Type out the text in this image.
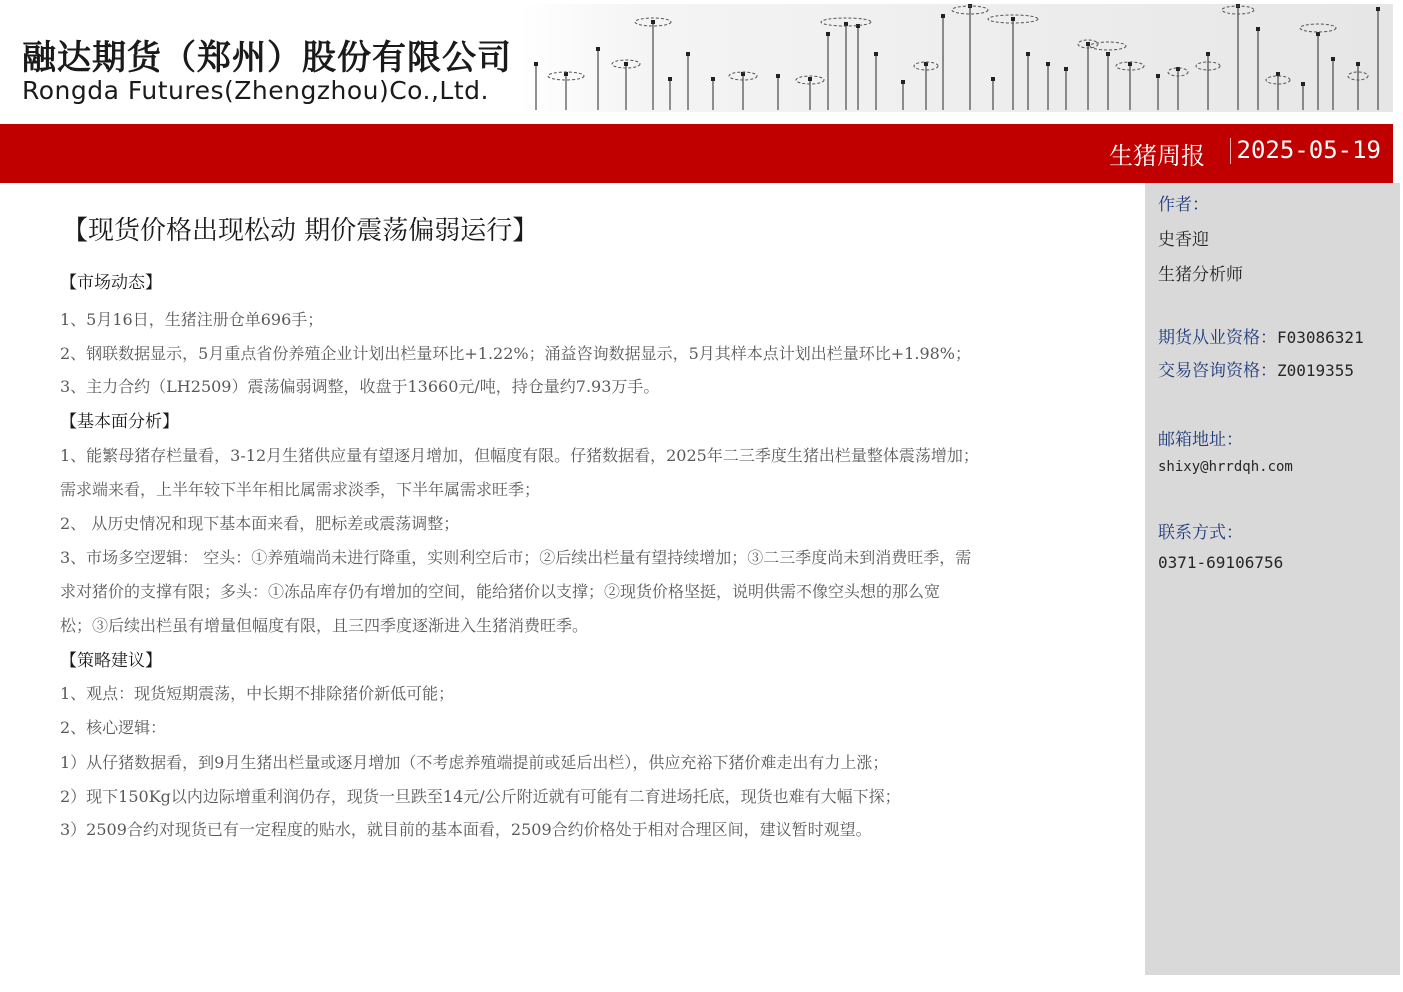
融达期货（郑州）股份有限公司
Rongda Futures(Zhengzhou)Co.,Ltd.
生猪周报 2025-05-19
【现货价格出现松动 期价震荡偏弱运行】
【市场动态】
1、5月16日，生猪注册仓单696手；
2、钢联数据显示，5月重点省份养殖企业计划出栏量环比+1.22%；涌益咨询数据显示，5月其样本点计划出栏量环比+1.98%；
3、主力合约（LH2509）震荡偏弱调整，收盘于13660元/吨，持仓量约7.93万手。
【基本面分析】
1、能繁母猪存栏量看，3-12月生猪供应量有望逐月增加，但幅度有限。仔猪数据看，2025年二三季度生猪出栏量整体震荡增加；
需求端来看，上半年较下半年相比属需求淡季，下半年属需求旺季；
2、 从历史情况和现下基本面来看，肥标差或震荡调整；
3、市场多空逻辑： 空头：①养殖端尚未进行降重，实则利空后市；②后续出栏量有望持续增加；③二三季度尚未到消费旺季，需
求对猪价的支撑有限；多头：①冻品库存仍有增加的空间，能给猪价以支撑；②现货价格坚挺，说明供需不像空头想的那么宽
松；③后续出栏虽有增量但幅度有限，且三四季度逐渐进入生猪消费旺季。
【策略建议】
1、观点：现货短期震荡，中长期不排除猪价新低可能；
2、核心逻辑：
1）从仔猪数据看，到9月生猪出栏量或逐月增加（不考虑养殖端提前或延后出栏），供应充裕下猪价难走出有力上涨；
2）现下150Kg以内边际增重利润仍存，现货一旦跌至14元/公斤附近就有可能有二育进场托底，现货也难有大幅下探；
3）2509合约对现货已有一定程度的贴水，就目前的基本面看，2509合约价格处于相对合理区间，建议暂时观望。
作者：
史香迎
生猪分析师
期货从业资格：F03086321
交易咨询资格：Z0019355
邮箱地址：
shixy@hrrdqh.com
联系方式：
0371-69106756
